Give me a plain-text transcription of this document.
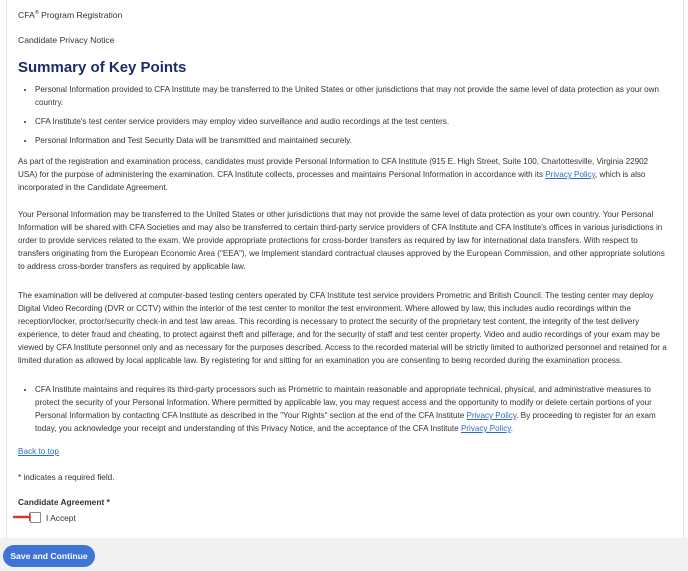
CFA® Program Registration
Candidate Privacy Notice
Summary of Key Points
• Personal Information provided to CFA Institute may be transferred to the United States or other jurisdictions that may not provide the same level of data protection as your own country.
• CFA Institute's test center service providers may employ video surveillance and audio recordings at the test centers.
• Personal Information and Test Security Data will be transmitted and maintained securely.

As part of the registration and examination process, candidates must provide Personal Information to CFA Institute (915 E. High Street, Suite 100, Charlottesville, Virginia 22902 USA) for the purpose of administering the examination. CFA Institute collects, processes and maintains Personal Information in accordance with its Privacy Policy, which is also incorporated in the Candidate Agreement.

Your Personal Information may be transferred to the United States or other jurisdictions that may not provide the same level of data protection as your own country. Your Personal Information will be shared with CFA Societies and may also be transferred to certain third-party service providers of CFA Institute and CFA Institute's offices in various jurisdictions in order to provide services related to the exam. We provide appropriate protections for cross-border transfers as required by law for international data transfers. With respect to transfers originating from the European Economic Area ("EEA"), we implement standard contractual clauses approved by the European Commission, and other appropriate solutions to address cross-border transfers as required by applicable law.

The examination will be delivered at computer-based testing centers operated by CFA Institute test service providers Prometric and British Council. The testing center may deploy Digital Video Recording (DVR or CCTV) within the interior of the test center to monitor the test environment. Where allowed by law, this includes audio recordings within the reception/locker, proctor/security check-in and test law areas. This recording is necessary to protect the security of the proprietary test content, the integrity of the test delivery experience, to deter fraud and cheating, to protect against theft and pilferage, and for the security of staff and test center property. Video and audio recordings of your exam may be viewed by CFA Institute personnel only and as necessary for the purposes described. Access to the recorded material will be strictly limited to authorized personnel and retained for a limited duration as allowed by local applicable law. By registering for and sitting for an examination you are consenting to being recorded during the examination process.

• CFA Institute maintains and requires its third-party processors such as Prometric to maintain reasonable and appropriate technical, physical, and administrative measures to protect the security of your Personal Information. Where permitted by applicable law, you may request access and the opportunity to modify or delete certain portions of your Personal Information by contacting CFA Institute as described in the "Your Rights" section at the end of the CFA Institute Privacy Policy. By proceeding to register for an exam today, you acknowledge your receipt and understanding of this Privacy Notice, and the acceptance of the CFA Institute Privacy Policy.
Back to top
* indicates a required field.
Candidate Agreement *
I Accept
Save and Continue
